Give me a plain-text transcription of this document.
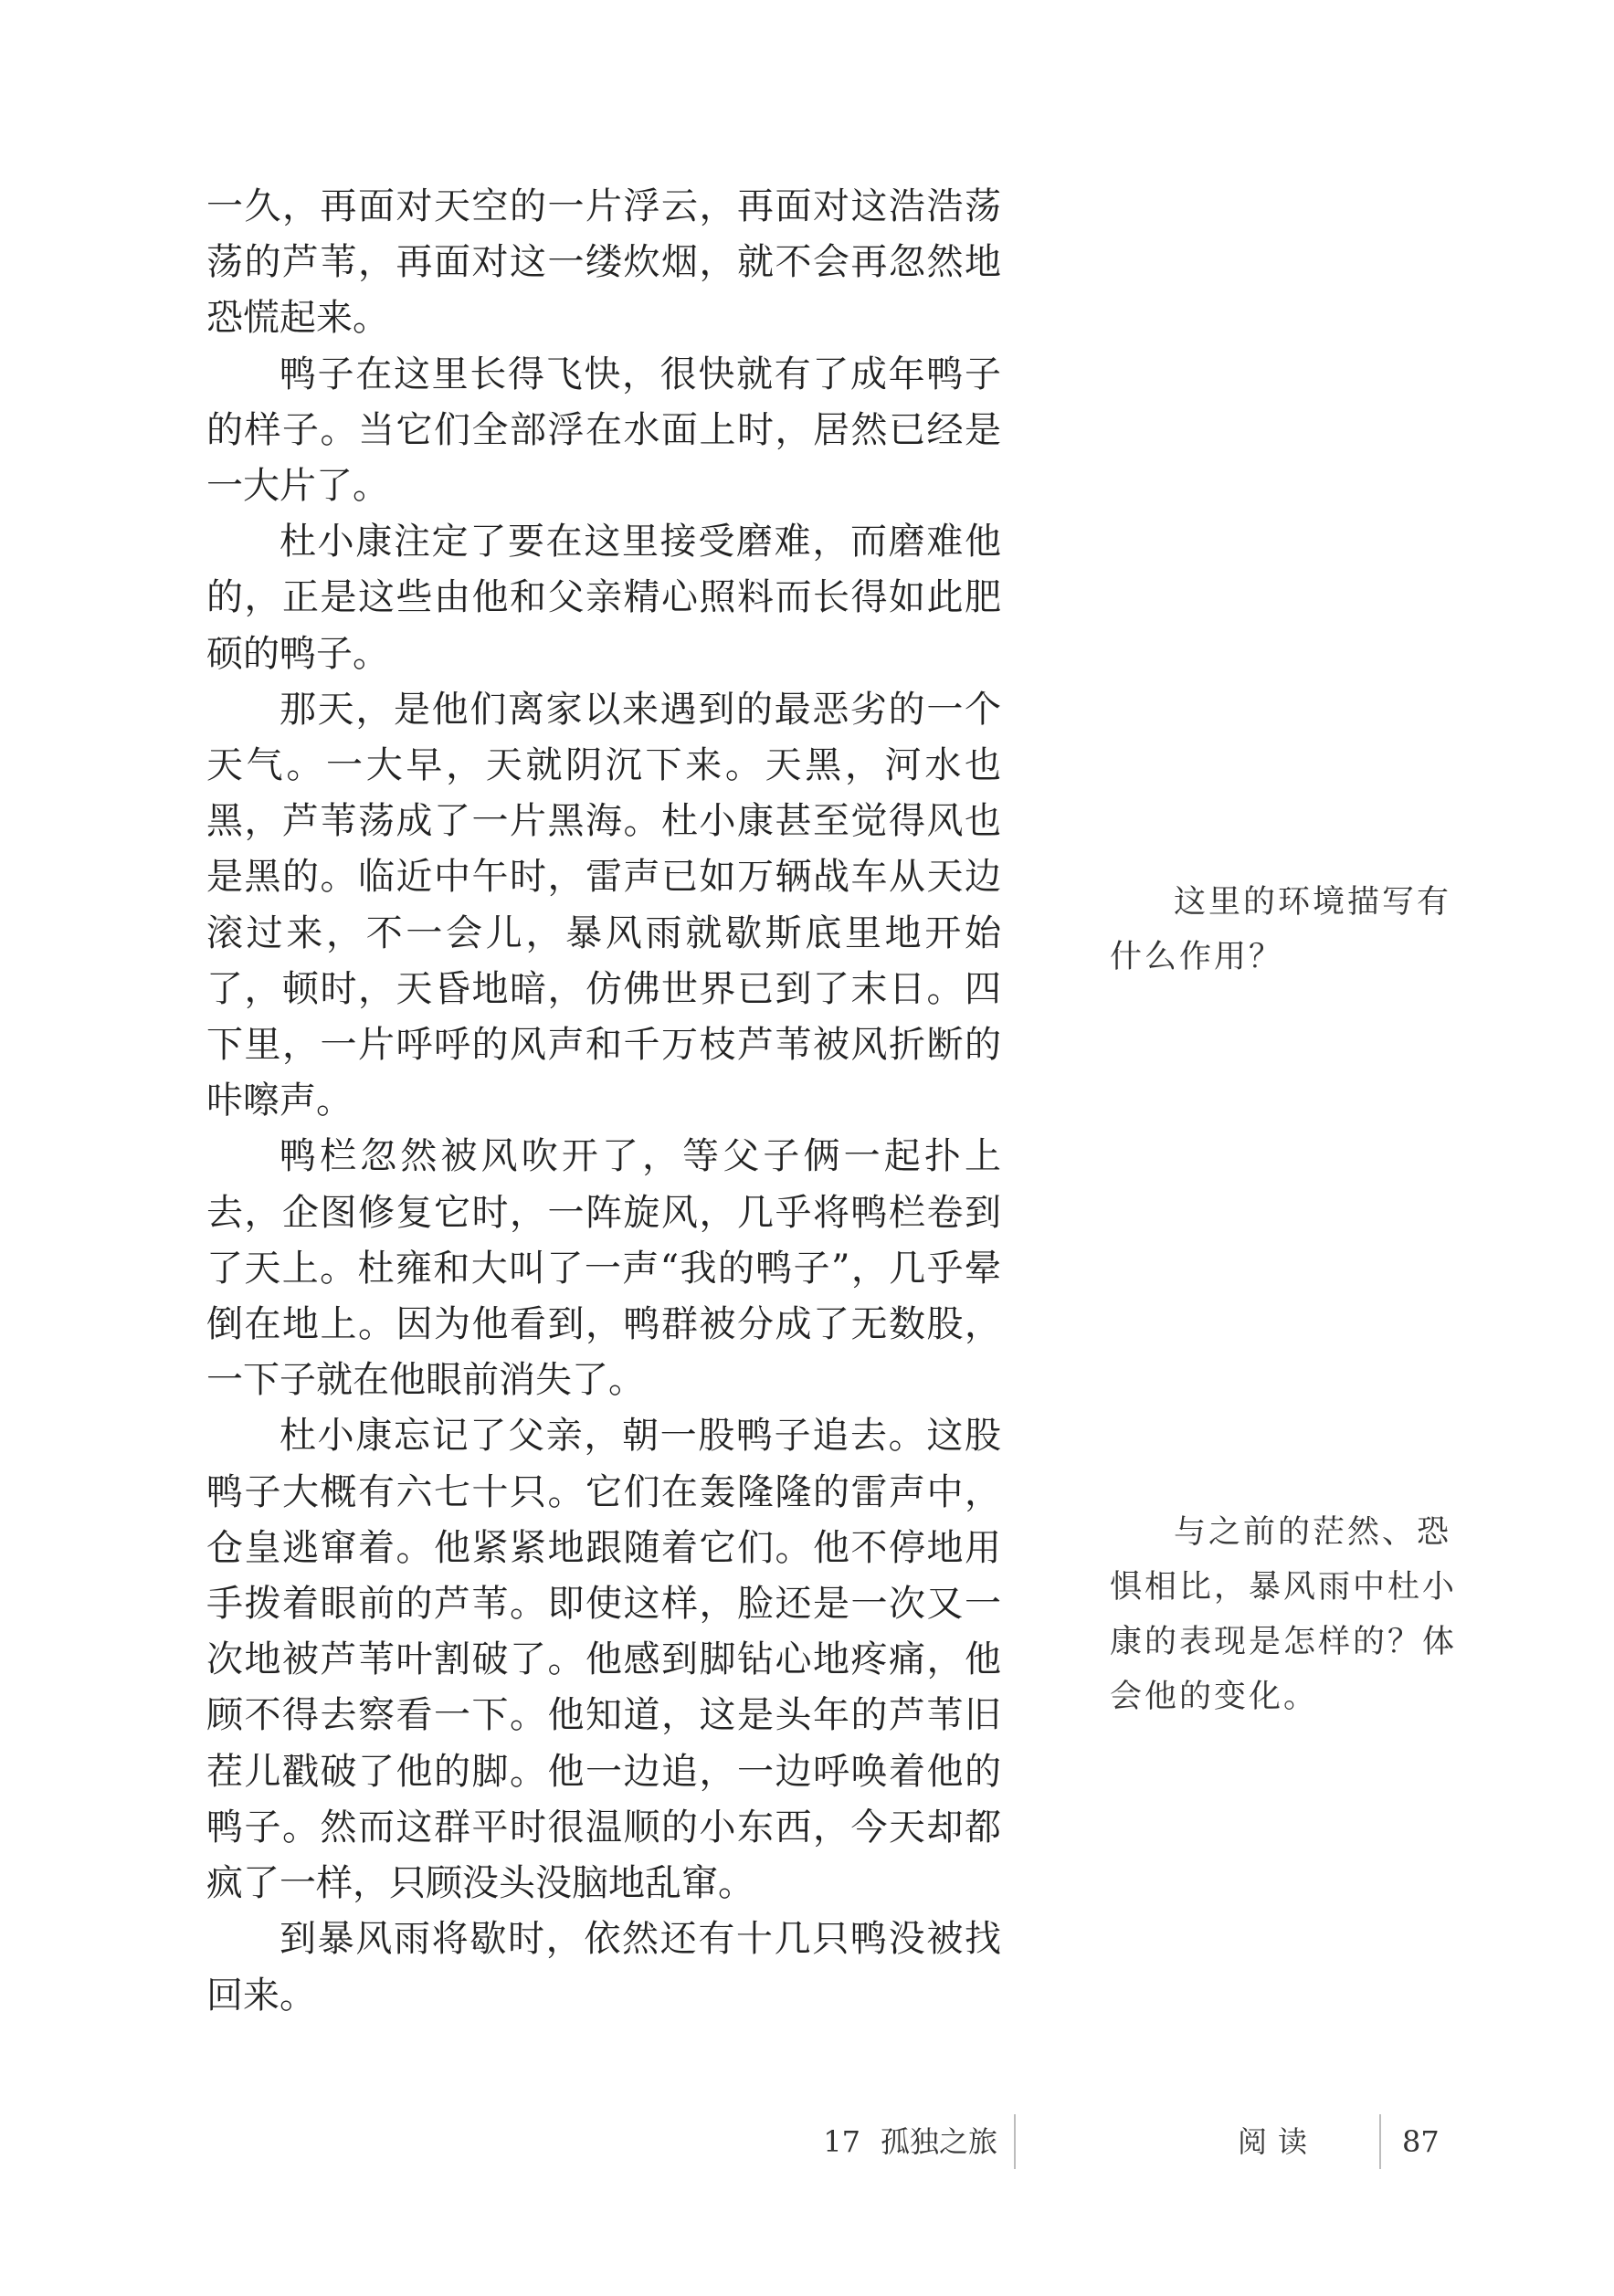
一久，再面对天空的一片浮云，再面对这浩浩荡荡的芦苇，再面对这一缕炊烟，就不会再忽然地恐慌起来。

鸭子在这里长得飞快，很快就有了成年鸭子的样子。当它们全部浮在水面上时，居然已经是一大片了。

杜小康注定了要在这里接受磨难，而磨难他的，正是这些由他和父亲精心照料而长得如此肥硕的鸭子。

那天，是他们离家以来遇到的最恶劣的一个天气。一大早，天就阴沉下来。天黑，河水也黑，芦苇荡成了一片黑海。杜小康甚至觉得风也是黑的。临近中午时，雷声已如万辆战车从天边滚过来，不一会儿，暴风雨就歇斯底里地开始了，顿时，天昏地暗，仿佛世界已到了末日。四下里，一片呼呼的风声和千万枝芦苇被风折断的咔嚓声。

鸭栏忽然被风吹开了，等父子俩一起扑上去，企图修复它时，一阵旋风，几乎将鸭栏卷到了天上。杜雍和大叫了一声“我的鸭子”，几乎晕倒在地上。因为他看到，鸭群被分成了无数股，一下子就在他眼前消失了。

杜小康忘记了父亲，朝一股鸭子追去。这股鸭子大概有六七十只。它们在轰隆隆的雷声中，仓皇逃窜着。他紧紧地跟随着它们。他不停地用手拨着眼前的芦苇。即使这样，脸还是一次又一次地被芦苇叶割破了。他感到脚钻心地疼痛，他顾不得去察看一下。他知道，这是头年的芦苇旧茬儿戳破了他的脚。他一边追，一边呼唤着他的鸭子。然而这群平时很温顺的小东西，今天却都疯了一样，只顾没头没脑地乱窜。

到暴风雨将歇时，依然还有十几只鸭没被找回来。

这里的环境描写有什么作用？

与之前的茫然、恐惧相比，暴风雨中杜小康的表现是怎样的？体会他的变化。

17 孤独之旅	阅读	87
